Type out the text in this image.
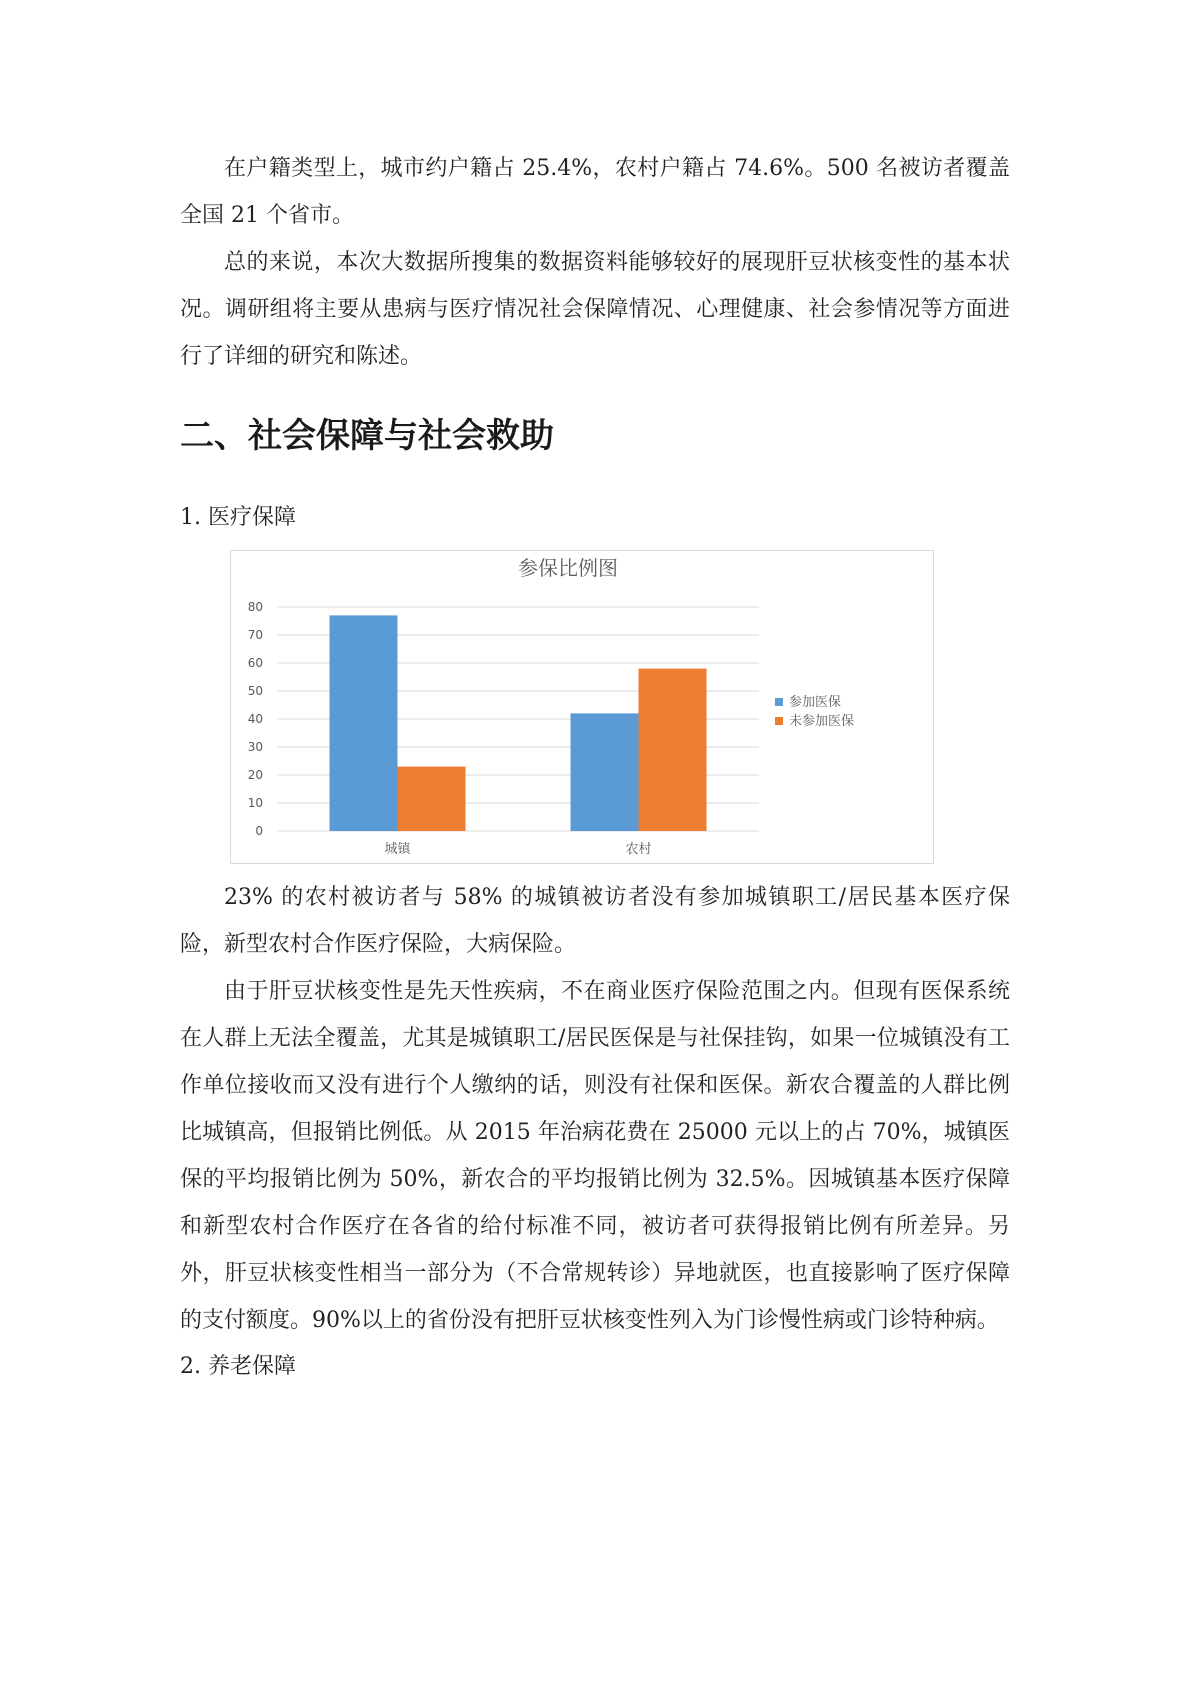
在户籍类型上，城市约户籍占 25.4%，农村户籍占 74.6%。500 名被访者覆盖全国 21 个省市。

总的来说，本次大数据所搜集的数据资料能够较好的展现肝豆状核变性的基本状况。调研组将主要从患病与医疗情况社会保障情况、心理健康、社会参情况等方面进行了详细的研究和陈述。

二、社会保障与社会救助
1. 医疗保障
参保比例图
0
10
20
30
40
50
60
70
80
城镇	农村
参加医保
未参加医保

23% 的农村被访者与 58% 的城镇被访者没有参加城镇职工/居民基本医疗保险，新型农村合作医疗保险，大病保险。

由于肝豆状核变性是先天性疾病，不在商业医疗保险范围之内。但现有医保系统在人群上无法全覆盖，尤其是城镇职工/居民医保是与社保挂钩，如果一位城镇没有工作单位接收而又没有进行个人缴纳的话，则没有社保和医保。新农合覆盖的人群比例比城镇高，但报销比例低。从 2015 年治病花费在 25000 元以上的占 70%，城镇医保的平均报销比例为 50%，新农合的平均报销比例为 32.5%。因城镇基本医疗保障和新型农村合作医疗在各省的给付标准不同，被访者可获得报销比例有所差异。另外，肝豆状核变性相当一部分为（不合常规转诊）异地就医，也直接影响了医疗保障的支付额度。90%以上的省份没有把肝豆状核变性列入为门诊慢性病或门诊特种病。

2. 养老保障
